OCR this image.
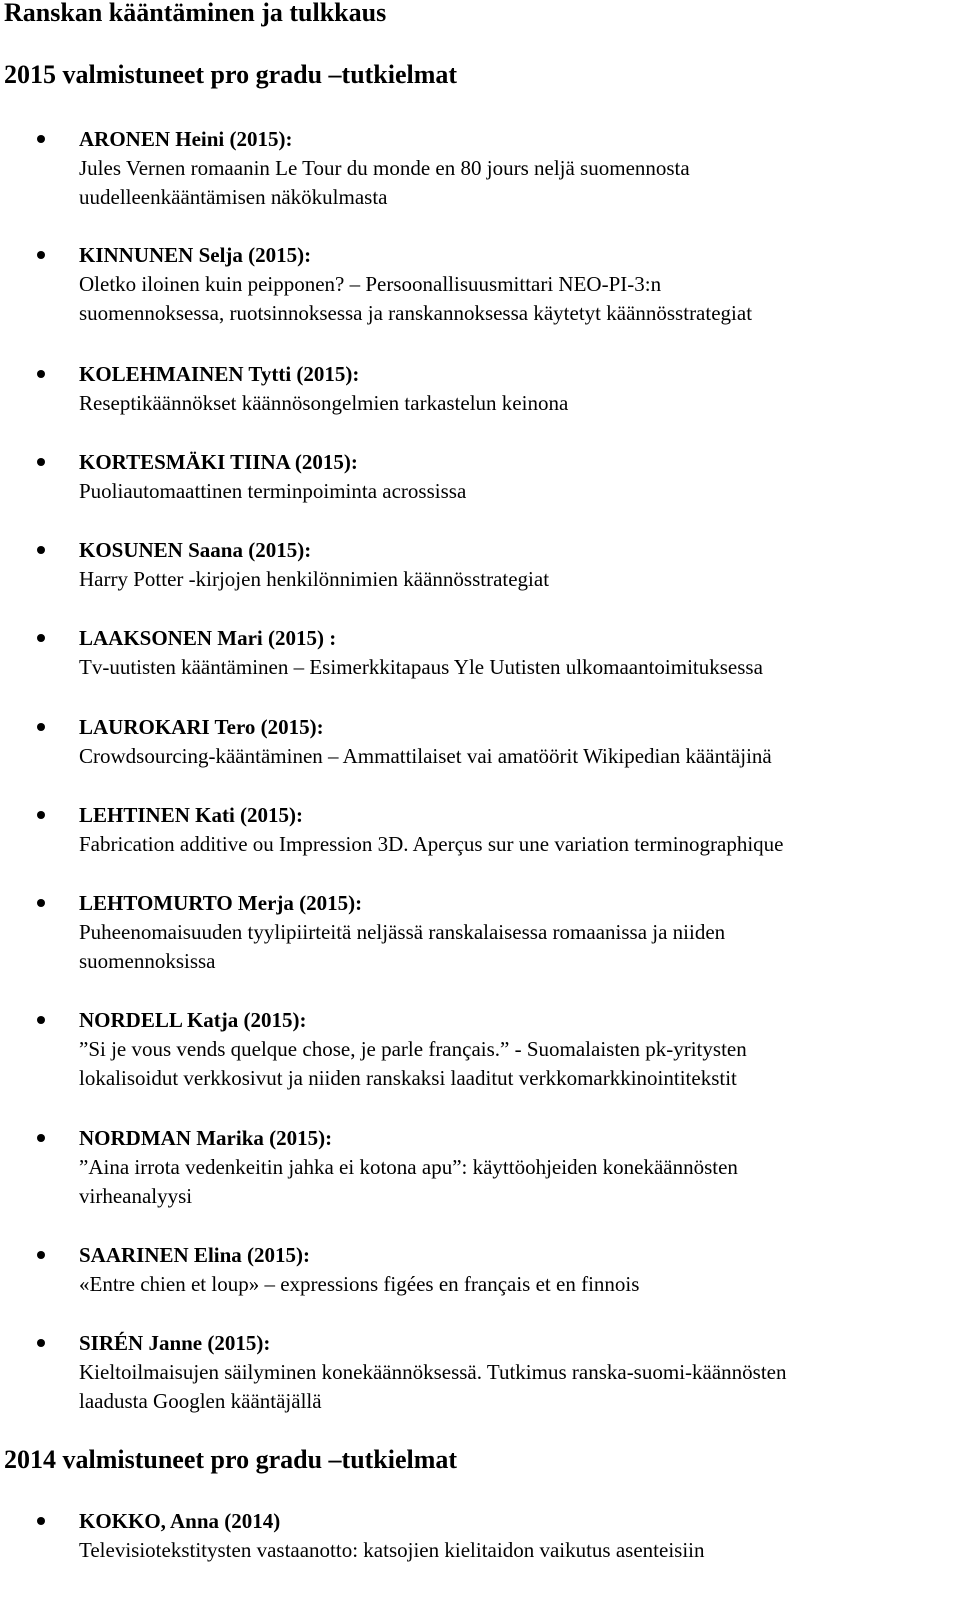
Ranskan kääntäminen ja tulkkaus
2015 valmistuneet pro gradu –tutkielmat
ARONEN Heini (2015):
Jules Vernen romaanin Le Tour du monde en 80 jours neljä suomennosta
uudelleenkääntämisen näkökulmasta
KINNUNEN Selja (2015):
Oletko iloinen kuin peipponen? – Persoonallisuusmittari NEO-PI-3:n
suomennoksessa, ruotsinnoksessa ja ranskannoksessa käytetyt käännösstrategiat
KOLEHMAINEN Tytti (2015):
Reseptikäännökset käännösongelmien tarkastelun keinona
KORTESMÄKI TIINA (2015):
Puoliautomaattinen terminpoiminta acrossissa
KOSUNEN Saana (2015):
Harry Potter -kirjojen henkilönnimien käännösstrategiat
LAAKSONEN Mari (2015) :
Tv-uutisten kääntäminen – Esimerkkitapaus Yle Uutisten ulkomaantoimituksessa
LAUROKARI Tero (2015):
Crowdsourcing-kääntäminen – Ammattilaiset vai amatöörit Wikipedian kääntäjinä
LEHTINEN Kati (2015):
Fabrication additive ou Impression 3D. Aperçus sur une variation terminographique
LEHTOMURTO Merja (2015):
Puheenomaisuuden tyylipiirteitä neljässä ranskalaisessa romaanissa ja niiden
suomennoksissa
NORDELL Katja (2015):
”Si je vous vends quelque chose, je parle français.” - Suomalaisten pk-yritysten
lokalisoidut verkkosivut ja niiden ranskaksi laaditut verkkomarkkinointitekstit
NORDMAN Marika (2015):
”Aina irrota vedenkeitin jahka ei kotona apu”: käyttöohjeiden konekäännösten
virheanalyysi
SAARINEN Elina (2015):
«Entre chien et loup» – expressions figées en français et en finnois
SIRÉN Janne (2015):
Kieltoilmaisujen säilyminen konekäännöksessä. Tutkimus ranska-suomi-käännösten
laadusta Googlen kääntäjällä
2014 valmistuneet pro gradu –tutkielmat
KOKKO, Anna (2014)
Televisiotekstitysten vastaanotto: katsojien kielitaidon vaikutus asenteisiin
